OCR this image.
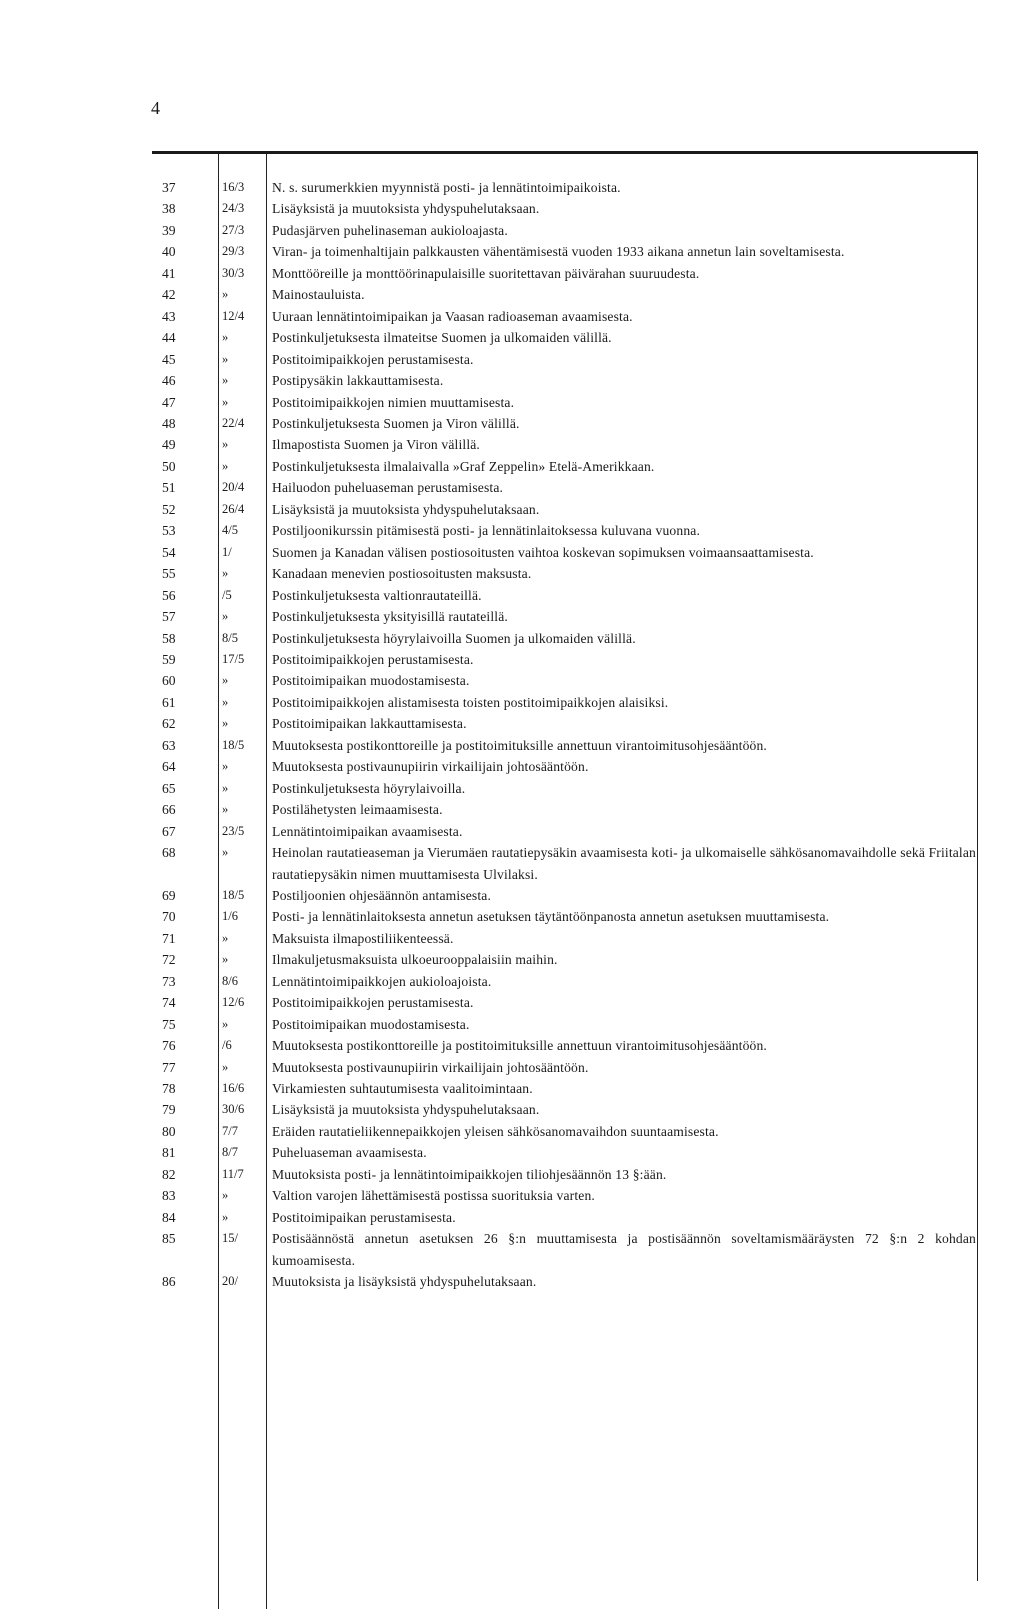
4
37	16/3	N. s. surumerkkien myynnistä posti- ja lennätintoimipaikoista.
38	24/3	Lisäyksistä ja muutoksista yhdyspuhelutaksaan.
39	27/3	Pudasjärven puhelinaseman aukioloajasta.
40	29/3	Viran- ja toimenhaltijain palkkausten vähentämisestä vuoden 1933 aikana annetun lain soveltamisesta.
41	30/3	Monttööreille ja monttöörinapulaisille suoritettavan päivärahan suuruudesta.
42	»	Mainostauluista.
43	12/4	Uuraan lennätintoimipaikan ja Vaasan radioaseman avaamisesta.
44	»	Postinkuljetuksesta ilmateitse Suomen ja ulkomaiden välillä.
45	»	Postitoimipaikkojen perustamisesta.
46	»	Postipysäkin lakkauttamisesta.
47	»	Postitoimipaikkojen nimien muuttamisesta.
48	22/4	Postinkuljetuksesta Suomen ja Viron välillä.
49	»	Ilmapostista Suomen ja Viron välillä.
50	»	Postinkuljetuksesta ilmalaivalla »Graf Zeppelin» Etelä-Amerikkaan.
51	20/4	Hailuodon puheluaseman perustamisesta.
52	26/4	Lisäyksistä ja muutoksista yhdyspuhelutaksaan.
53	4/5	Postiljoonikurssin pitämisestä posti- ja lennätinlaitoksessa kuluvana vuonna.
54	1/	Suomen ja Kanadan välisen postiosoitusten vaihtoa koskevan sopimuksen voimaansaattamisesta.
55	»	Kanadaan menevien postiosoitusten maksusta.
56	/5	Postinkuljetuksesta valtionrautateillä.
57	»	Postinkuljetuksesta yksityisillä rautateillä.
58	8/5	Postinkuljetuksesta höyrylaivoilla Suomen ja ulkomaiden välillä.
59	17/5	Postitoimipaikkojen perustamisesta.
60	»	Postitoimipaikan muodostamisesta.
61	»	Postitoimipaikkojen alistamisesta toisten postitoimipaikkojen alaisiksi.
62	»	Postitoimipaikan lakkauttamisesta.
63	18/5	Muutoksesta postikonttoreille ja postitoimituksille annettuun virantoimitusohjesääntöön.
64	»	Muutoksesta postivaunupiirin virkailijain johtosääntöön.
65	»	Postinkuljetuksesta höyrylaivoilla.
66	»	Postilähetysten leimaamisesta.
67	23/5	Lennätintoimipaikan avaamisesta.
68	»	Heinolan rautatieaseman ja Vierumäen rautatiepysäkin avaamisesta koti- ja ulkomaiselle sähkösanomavaihdolle sekä Friitalan rautatiepysäkin nimen muuttamisesta Ulvilaksi.
69	18/5	Postiljoonien ohjesäännön antamisesta.
70	1/6	Posti- ja lennätinlaitoksesta annetun asetuksen täytäntöönpanosta annetun asetuksen muuttamisesta.
71	»	Maksuista ilmapostiliikenteessä.
72	»	Ilmakuljetusmaksuista ulkoeurooppalaisiin maihin.
73	8/6	Lennätintoimipaikkojen aukioloajoista.
74	12/6	Postitoimipaikkojen perustamisesta.
75	»	Postitoimipaikan muodostamisesta.
76	/6	Muutoksesta postikonttoreille ja postitoimituksille annettuun virantoimitusohjesääntöön.
77	»	Muutoksesta postivaunupiirin virkailijain johtosääntöön.
78	16/6	Virkamiesten suhtautumisesta vaalitoimintaan.
79	30/6	Lisäyksistä ja muutoksista yhdyspuhelutaksaan.
80	7/7	Eräiden rautatieliikennepaikkojen yleisen sähkösanomavaihdon suuntaamisesta.
81	8/7	Puheluaseman avaamisesta.
82	11/7	Muutoksista posti- ja lennätintoimipaikkojen tiliohjesäännön 13 §:ään.
83	»	Valtion varojen lähettämisestä postissa suorituksia varten.
84	»	Postitoimipaikan perustamisesta.
85	15/	Postisäännöstä annetun asetuksen 26 §:n muuttamisesta ja postisäännön soveltamismääräysten 72 §:n 2 kohdan kumoamisesta.
86	20/	Muutoksista ja lisäyksistä yhdyspuhelutaksaan.
